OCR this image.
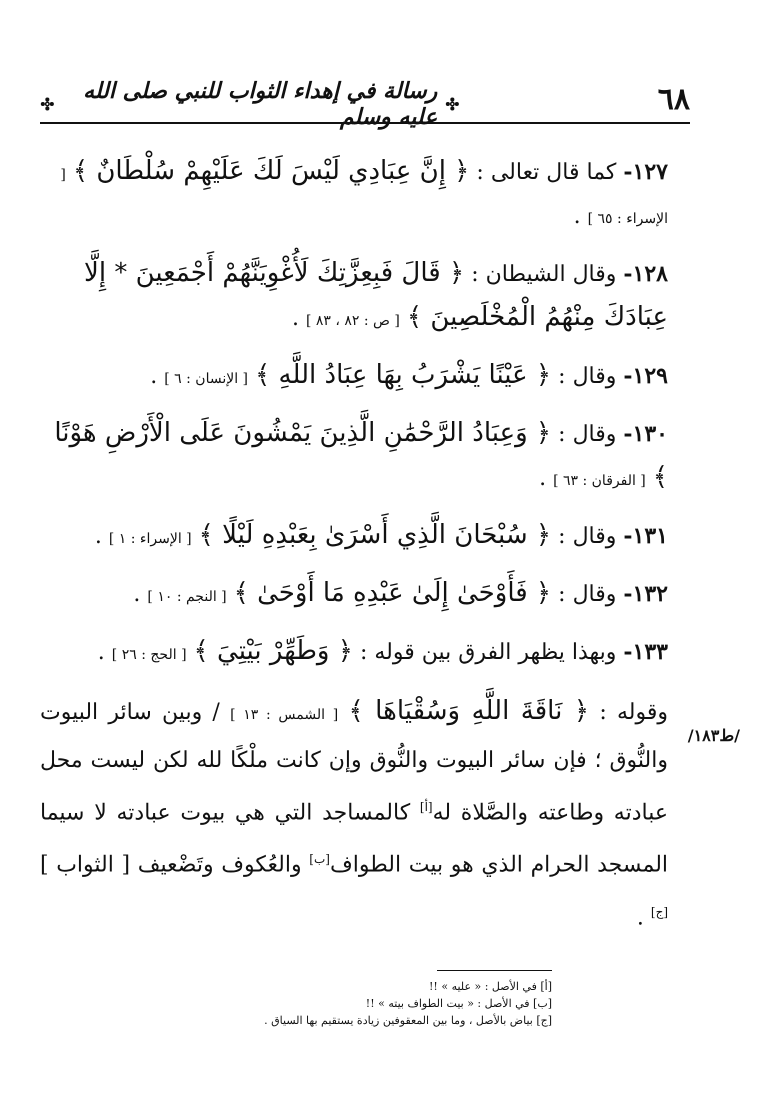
٦٨
رسالة في إهداء الثواب للنبي صلى الله عليه وسلم
١٢٧- كما قال تعالى : ﴿ إِنَّ عِبَادِي لَيْسَ لَكَ عَلَيْهِمْ سُلْطَانٌ ﴾ [ الإسراء : ٦٥ ] .
١٢٨- وقال الشيطان : ﴿ قَالَ فَبِعِزَّتِكَ لَأُغْوِيَنَّهُمْ أَجْمَعِينَ * إِلَّا عِبَادَكَ مِنْهُمُ الْمُخْلَصِينَ ﴾ [ ص : ٨٢ ، ٨٣ ] .
١٢٩- وقال : ﴿ عَيْنًا يَشْرَبُ بِهَا عِبَادُ اللَّهِ ﴾ [ الإنسان : ٦ ] .
١٣٠- وقال : ﴿ وَعِبَادُ الرَّحْمَٰنِ الَّذِينَ يَمْشُونَ عَلَى الْأَرْضِ هَوْنًا ﴾ [ الفرقان : ٦٣ ] .
١٣١- وقال : ﴿ سُبْحَانَ الَّذِي أَسْرَىٰ بِعَبْدِهِ لَيْلًا ﴾ [ الإسراء : ١ ] .
١٣٢- وقال : ﴿ فَأَوْحَىٰ إِلَىٰ عَبْدِهِ مَا أَوْحَىٰ ﴾ [ النجم : ١٠ ] .
١٣٣- وبهذا يظهر الفرق بين قوله : ﴿ وَطَهِّرْ بَيْتِيَ ﴾ [ الحج : ٢٦ ] .
وقوله : ﴿ نَاقَةَ اللَّهِ وَسُقْيَاهَا ﴾ [ الشمس : ١٣ ] / وبين سائر البيوت والنُّوق ؛ فإن سائر البيوت والنُّوق وإن كانت ملْكًا لله لكن ليست محل عبادته وطاعته والصَّلاة له[أ] كالمساجد التي هي بيوت عبادته لا سيما المسجد الحرام الذي هو بيت الطواف[ب] والعُكوف وتَضْعيف [ الثواب ][ج] .
/ط١٨٣/
[أ] في الأصل : « عليه » !!
[ب] في الأصل : « بيت الطواف بيته » !!
[ج] بياض بالأصل ، وما بين المعقوفين زيادة يستقيم بها السياق .
